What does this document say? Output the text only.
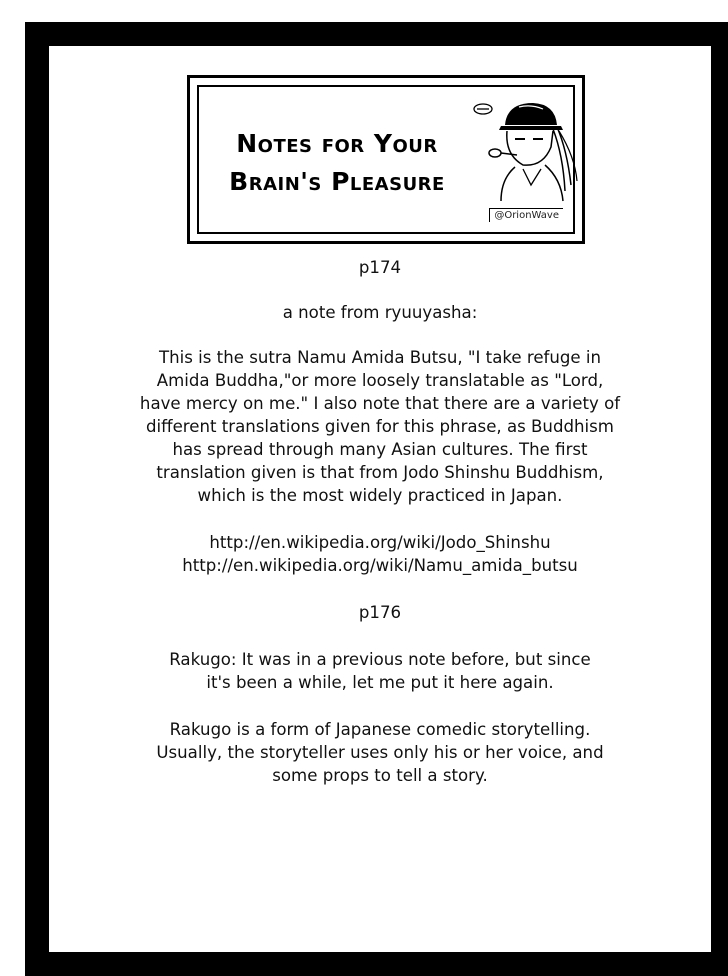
Notes for Your
Brain's Pleasure
@OrionWave

p174

a note from ryuuyasha:

This is the sutra Namu Amida Butsu, "I take refuge in

Amida Buddha,"or more loosely translatable as "Lord,

have mercy on me." I also note that there are a variety of

different translations given for this phrase, as Buddhism

has spread through many Asian cultures. The first

translation given is that from Jodo Shinshu Buddhism,

which is the most widely practiced in Japan.

http://en.wikipedia.org/wiki/Jodo_Shinshu

http://en.wikipedia.org/wiki/Namu_amida_butsu

p176

Rakugo: It was in a previous note before, but since

it's been a while, let me put it here again.

Rakugo is a form of Japanese comedic storytelling.

Usually, the storyteller uses only his or her voice, and

some props to tell a story.
